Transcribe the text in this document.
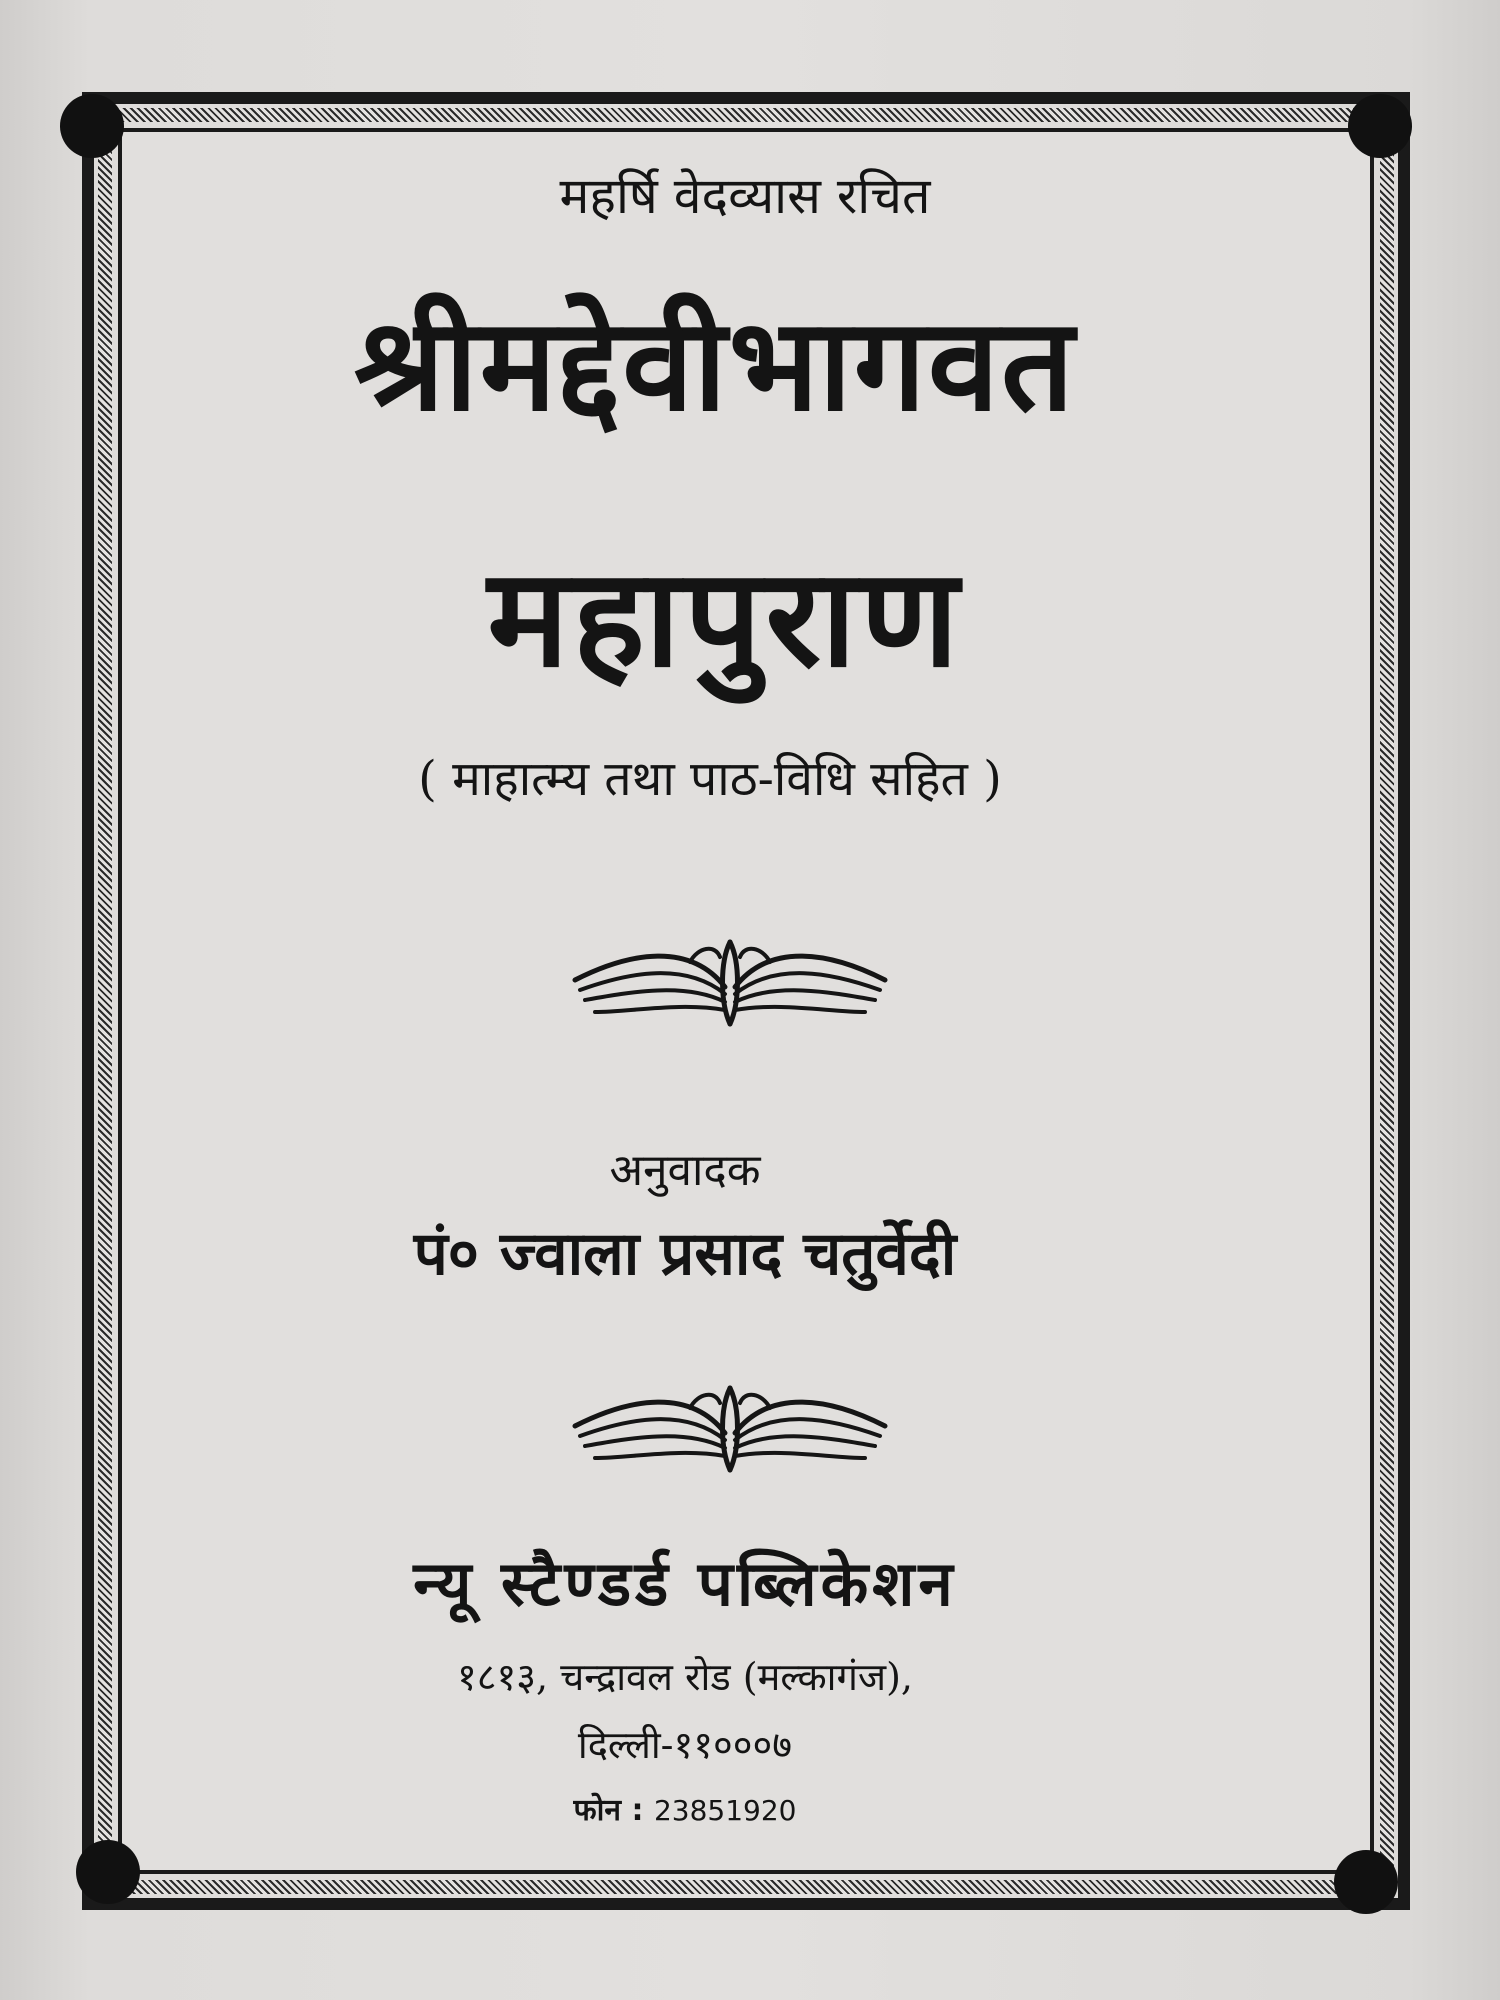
महर्षि वेदव्यास रचित
श्रीमद्देवीभागवत
महापुराण
( माहात्म्य तथा पाठ-विधि सहित )
अनुवादक
पं० ज्वाला प्रसाद चतुर्वेदी
न्यू स्टैण्डर्ड पब्लिकेशन
१८१३, चन्द्रावल रोड (मल्कागंज),
दिल्ली-११०००७
फोन : 23851920
